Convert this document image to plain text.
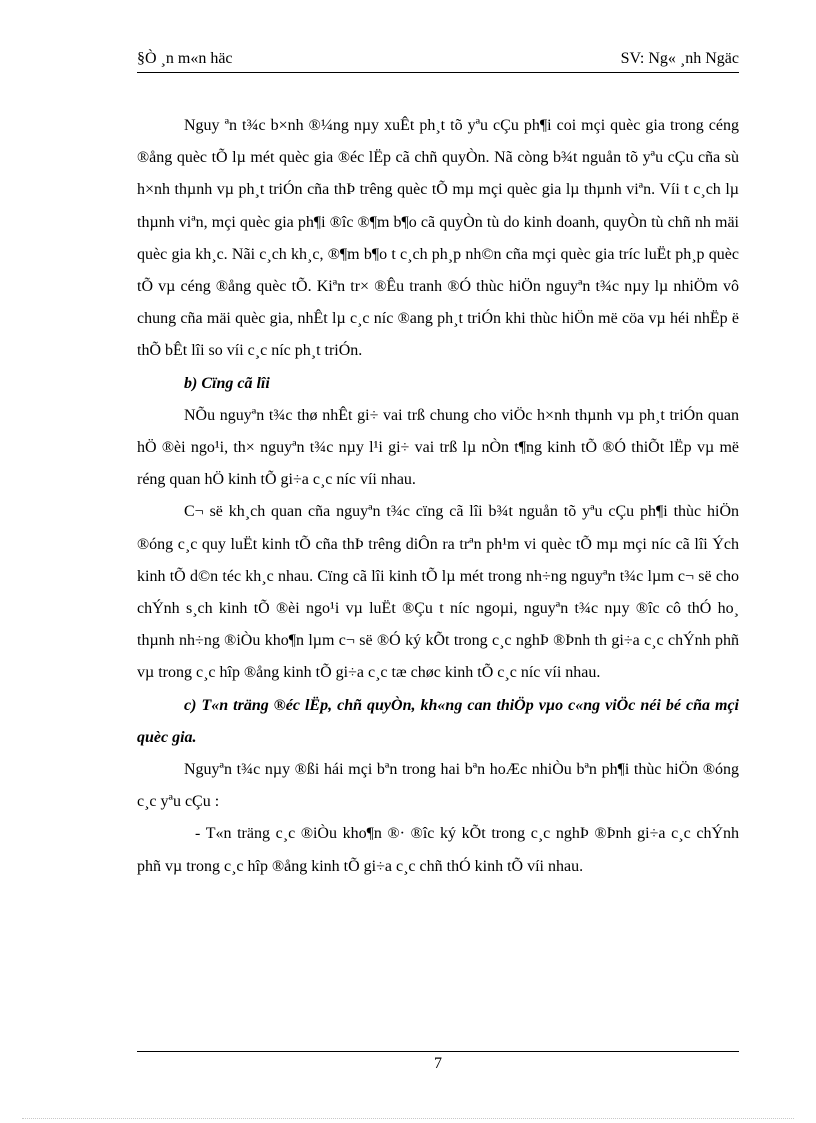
§Ò ¸n m«n häc	SV: Ng« ¸nh Ngäc

Nguy ªn t¾c b×nh ®¼ng nµy xuÊt ph¸t tõ yªu cÇu ph¶i coi mçi quèc gia trong céng ®ång quèc tÕ lµ mét quèc gia ®éc lËp cã chñ quyÒn. Nã còng b¾t nguån tõ yªu cÇu cña sù h×nh thµnh vµ ph¸t triÓn cña thÞ trêng quèc tÕ mµ mçi quèc gia lµ thµnh viªn. Víi t c¸ch lµ thµnh viªn, mçi quèc gia ph¶i ®îc ®¶m b¶o cã quyÒn tù do kinh doanh, quyÒn tù chñ nh mäi quèc gia kh¸c. Nãi c¸ch kh¸c, ®¶m b¶o t c¸ch ph¸p nh©n cña mçi quèc gia tríc luËt ph¸p quèc tÕ vµ céng ®ång quèc tÕ. Kiªn tr× ®Êu tranh ®Ó thùc hiÖn nguyªn t¾c nµy lµ nhiÖm vô chung cña mäi quèc gia, nhÊt lµ c¸c níc ®ang ph¸t triÓn khi thùc hiÖn më cöa vµ héi nhËp ë thÕ bÊt lîi so víi c¸c níc ph¸t triÓn.

b) Cïng cã lîi

NÕu nguyªn t¾c thø nhÊt gi÷ vai trß chung cho viÖc h×nh thµnh vµ ph¸t triÓn quan hÖ ®èi ngo¹i, th× nguyªn t¾c nµy l¹i gi÷ vai trß lµ nÒn t¶ng kinh tÕ ®Ó thiÕt lËp vµ më réng quan hÖ kinh tÕ gi÷a c¸c níc víi nhau.

C¬ së kh¸ch quan cña nguyªn t¾c cïng cã lîi b¾t nguån tõ yªu cÇu ph¶i thùc hiÖn ®óng c¸c quy luËt kinh tÕ cña thÞ trêng diÔn ra trªn ph¹m vi quèc tÕ mµ mçi níc cã lîi Ých kinh tÕ d©n téc kh¸c nhau. Cïng cã lîi kinh tÕ lµ mét trong nh÷ng nguyªn t¾c lµm c¬ së cho chÝnh s¸ch kinh tÕ ®èi ngo¹i vµ luËt ®Çu t níc ngoµi, nguyªn t¾c nµy ®îc cô thÓ ho¸ thµnh nh÷ng ®iÒu kho¶n lµm c¬ së ®Ó ký kÕt trong c¸c nghÞ ®Þnh th gi÷a c¸c chÝnh phñ vµ trong c¸c hîp ®ång kinh tÕ gi÷a c¸c tæ chøc kinh tÕ c¸c níc víi nhau.

c) T«n träng ®éc lËp, chñ quyÒn, kh«ng can thiÖp vµo c«ng viÖc néi bé cña mçi quèc gia.

Nguyªn t¾c nµy ®ßi hái mçi bªn trong hai bªn hoÆc nhiÒu bªn ph¶i thùc hiÖn ®óng c¸c yªu cÇu :

- T«n träng c¸c ®iÒu kho¶n ®· ®îc ký kÕt trong c¸c nghÞ ®Þnh gi÷a c¸c chÝnh phñ vµ trong c¸c hîp ®ång kinh tÕ gi÷a c¸c chñ thÓ kinh tÕ víi nhau.

7
